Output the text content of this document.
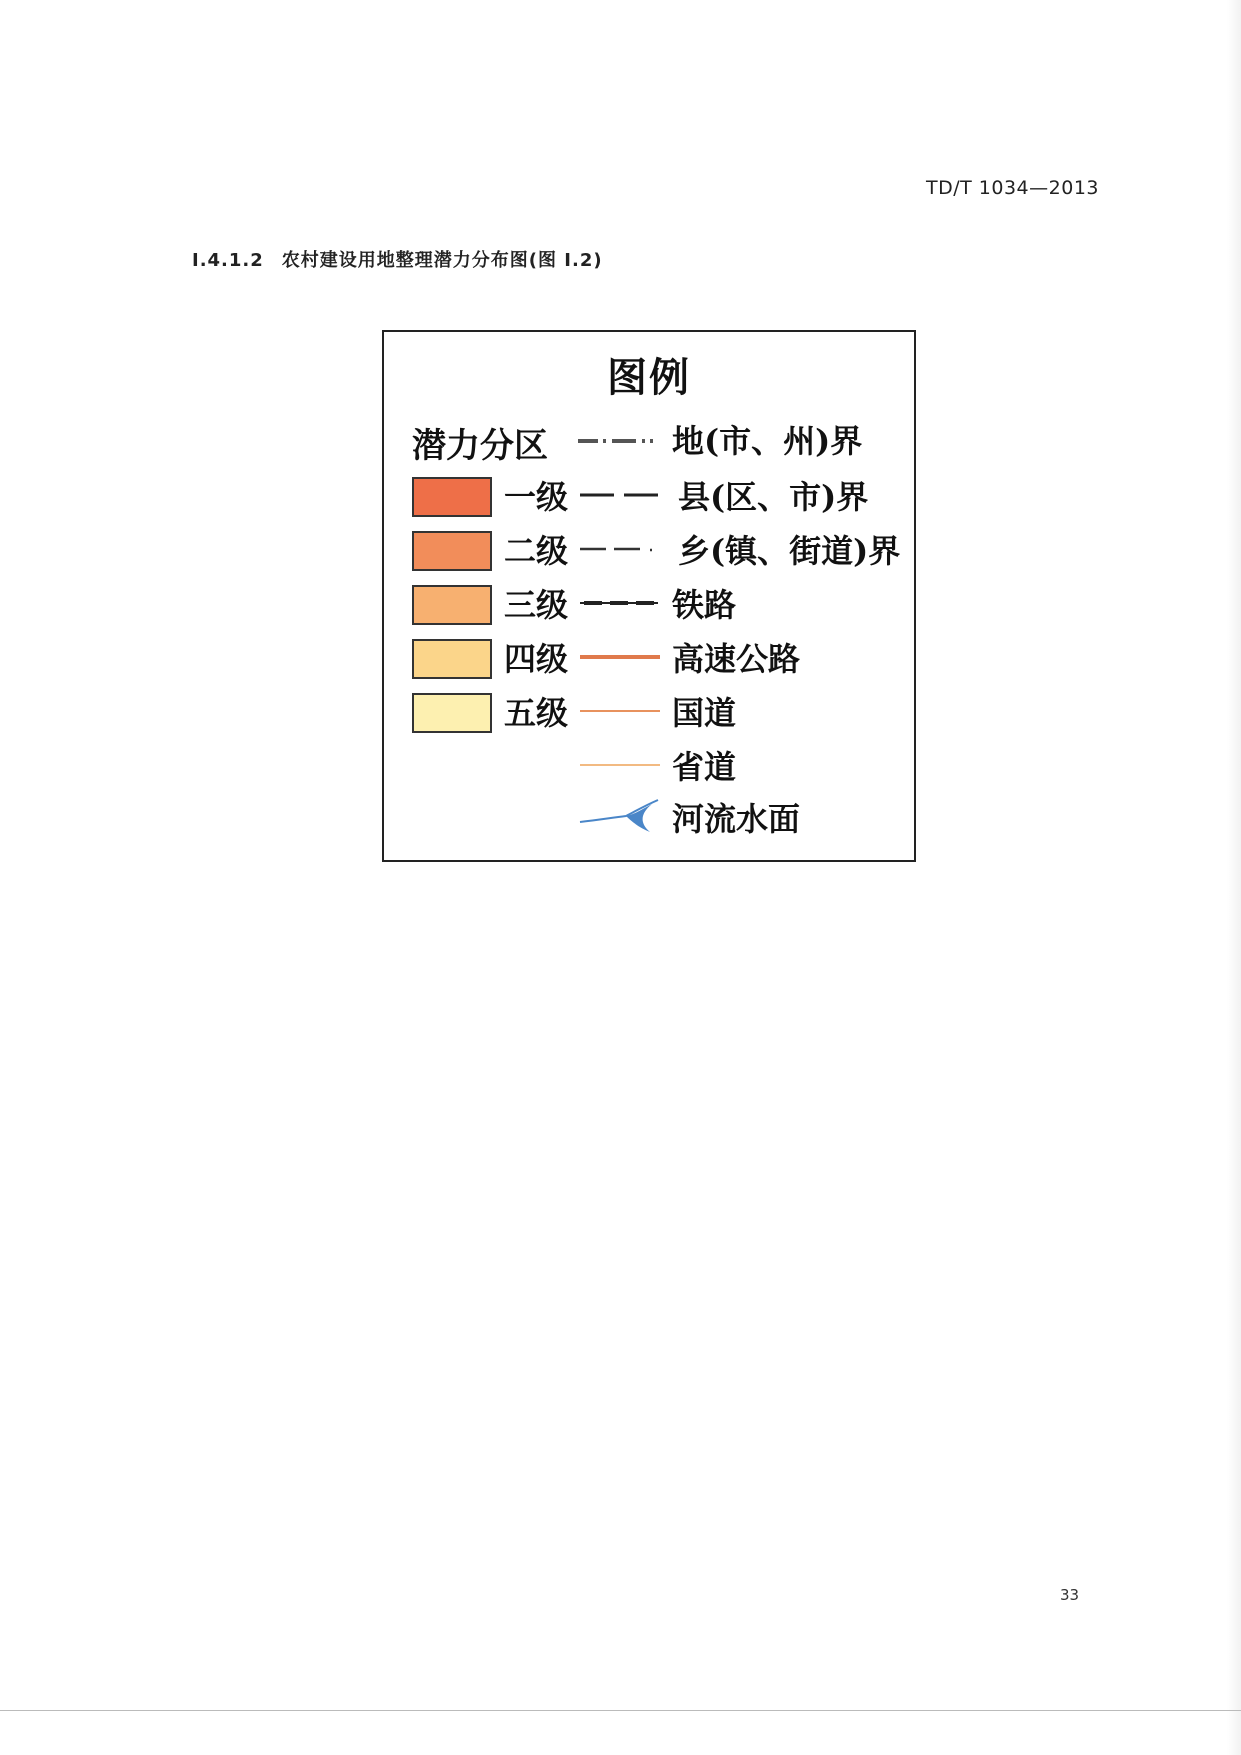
TD/T 1034—2013
I.4.1.2 农村建设用地整理潜力分布图(图 I.2)
图例
潜力分区
一级
二级
三级
四级
五级
地(市、州)界
县(区、市)界
乡(镇、街道)界
铁路
高速公路
国道
省道
河流水面
33
